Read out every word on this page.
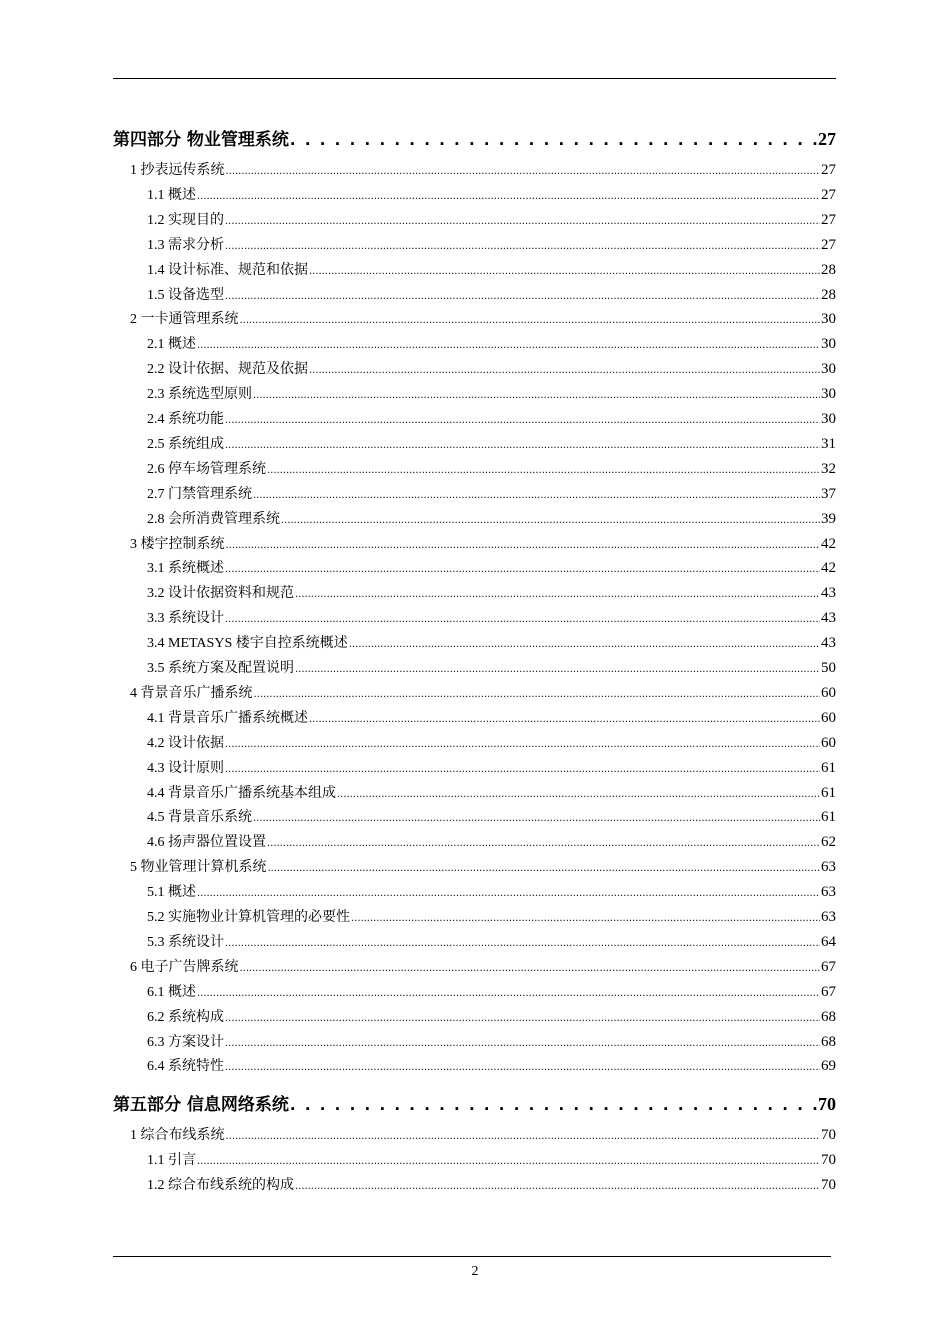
第四部分 物业管理系统 . . .	27
1 抄表远传系统 . . .	27
1.1 概述 . . .	27
1.2 实现目的 . . .	27
1.3 需求分析 . . .	27
1.4 设计标准、规范和依据 . . .	28
1.5 设备选型 . . .	28
2 一卡通管理系统 . . .	30
2.1 概述 . . .	30
2.2 设计依据、规范及依据 . . .	30
2.3 系统选型原则 . . .	30
2.4 系统功能 . . .	30
2.5 系统组成 . . .	31
2.6 停车场管理系统 . . .	32
2.7 门禁管理系统 . . .	37
2.8 会所消费管理系统 . . .	39
3 楼宇控制系统 . . .	42
3.1 系统概述 . . .	42
3.2 设计依据资料和规范 . . .	43
3.3 系统设计 . . .	43
3.4 METASYS 楼宇自控系统概述 . . .	43
3.5 系统方案及配置说明 . . .	50
4 背景音乐广播系统 . . .	60
4.1 背景音乐广播系统概述 . . .	60
4.2 设计依据 . . .	60
4.3 设计原则 . . .	61
4.4 背景音乐广播系统基本组成 . . .	61
4.5 背景音乐系统 . . .	61
4.6 扬声器位置设置 . . .	62
5 物业管理计算机系统 . . .	63
5.1 概述 . . .	63
5.2 实施物业计算机管理的必要性 . . .	63
5.3 系统设计 . . .	64
6 电子广告牌系统 . . .	67
6.1 概述 . . .	67
6.2 系统构成 . . .	68
6.3 方案设计 . . .	68
6.4 系统特性 . . .	69
第五部分 信息网络系统 . . .	70
1 综合布线系统 . . .	70
1.1 引言 . . .	70
1.2 综合布线系统的构成 . . .	70
2
